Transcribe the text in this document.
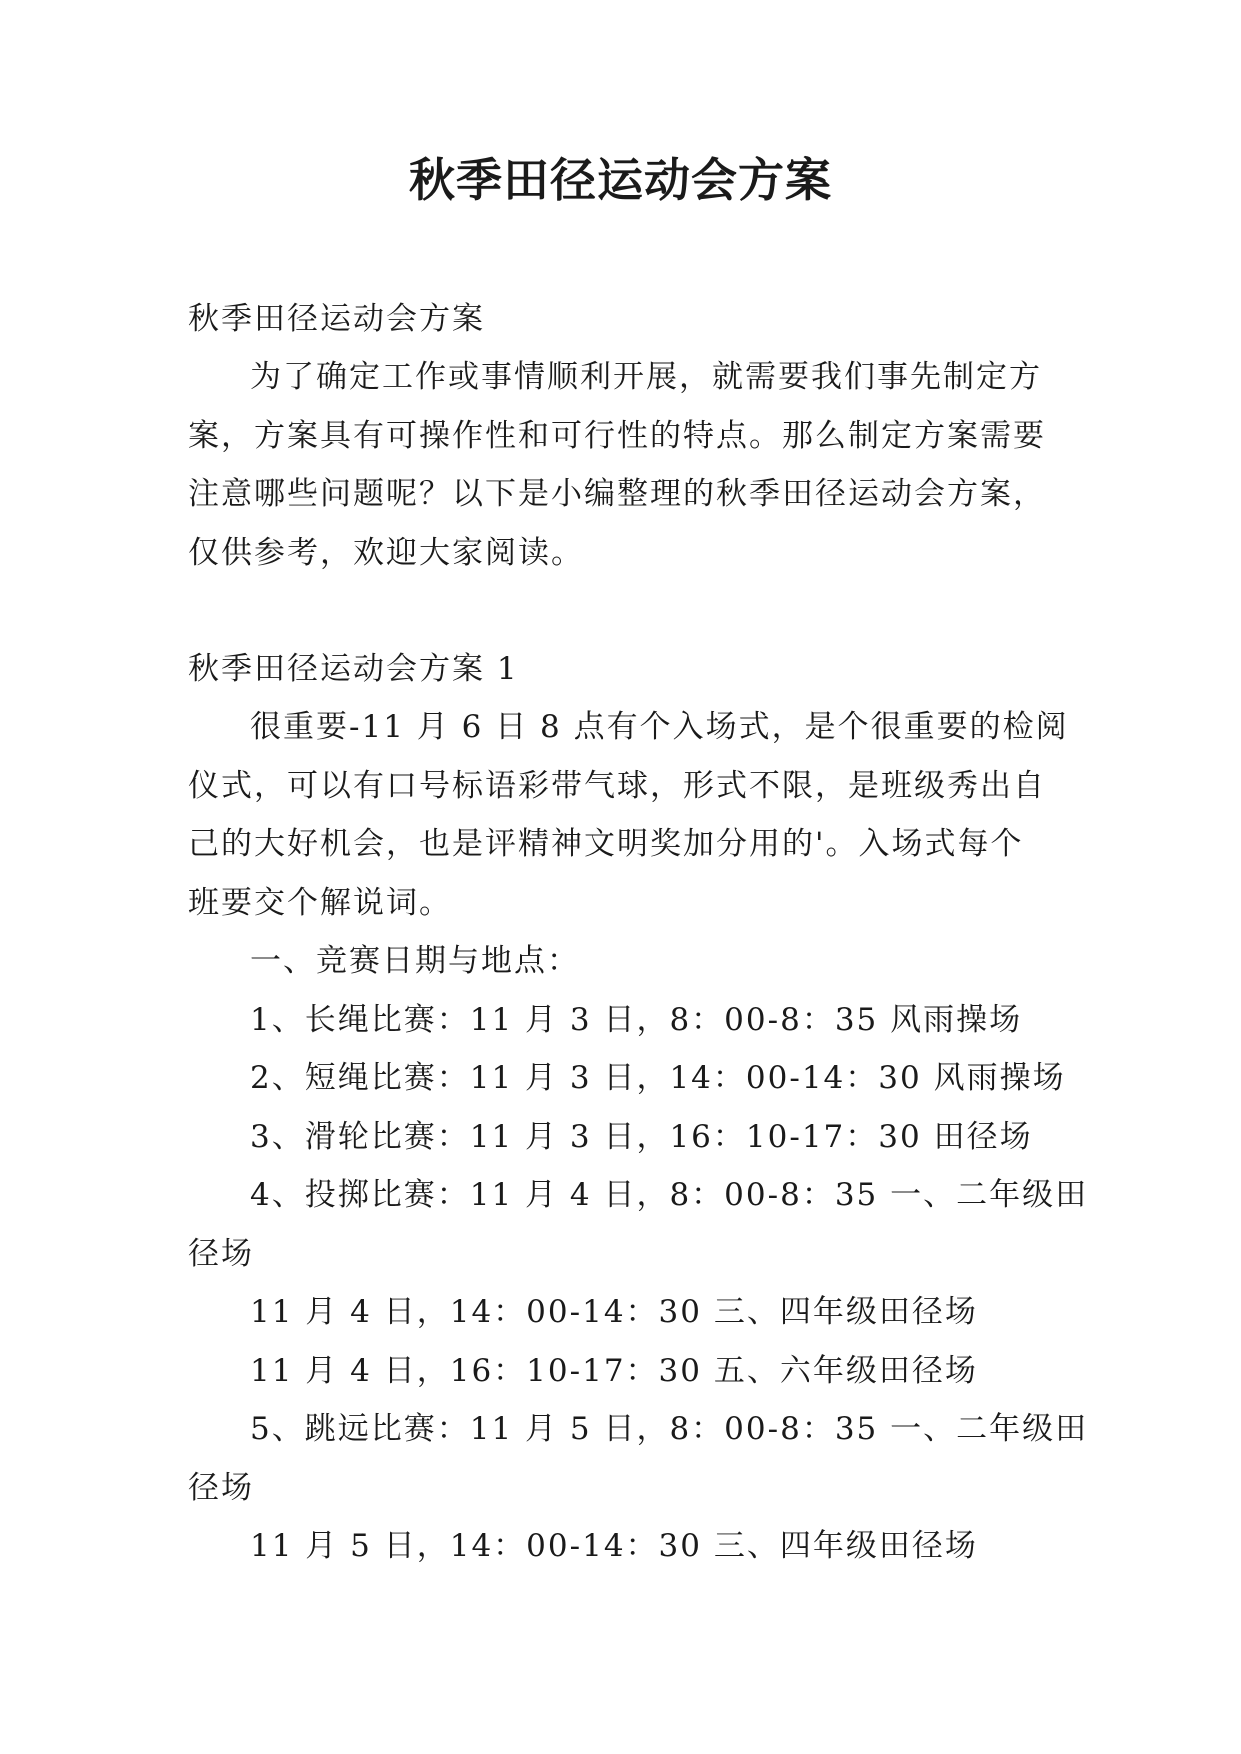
秋季田径运动会方案
秋季田径运动会方案

为了确定工作或事情顺利开展，就需要我们事先制定方

案，方案具有可操作性和可行性的特点。那么制定方案需要

注意哪些问题呢？以下是小编整理的秋季田径运动会方案，

仅供参考，欢迎大家阅读。

秋季田径运动会方案 1

很重要-11 月 6 日 8 点有个入场式，是个很重要的检阅

仪式，可以有口号标语彩带气球，形式不限，是班级秀出自

己的大好机会，也是评精神文明奖加分用的'。入场式每个

班要交个解说词。

一、竞赛日期与地点：

1、长绳比赛：11 月 3 日，8：00-8：35 风雨操场

2、短绳比赛：11 月 3 日，14：00-14：30 风雨操场

3、滑轮比赛：11 月 3 日，16：10-17：30 田径场

4、投掷比赛：11 月 4 日，8：00-8：35 一、二年级田

径场

11 月 4 日，14：00-14：30 三、四年级田径场

11 月 4 日，16：10-17：30 五、六年级田径场

5、跳远比赛：11 月 5 日，8：00-8：35 一、二年级田

径场

11 月 5 日，14：00-14：30 三、四年级田径场
